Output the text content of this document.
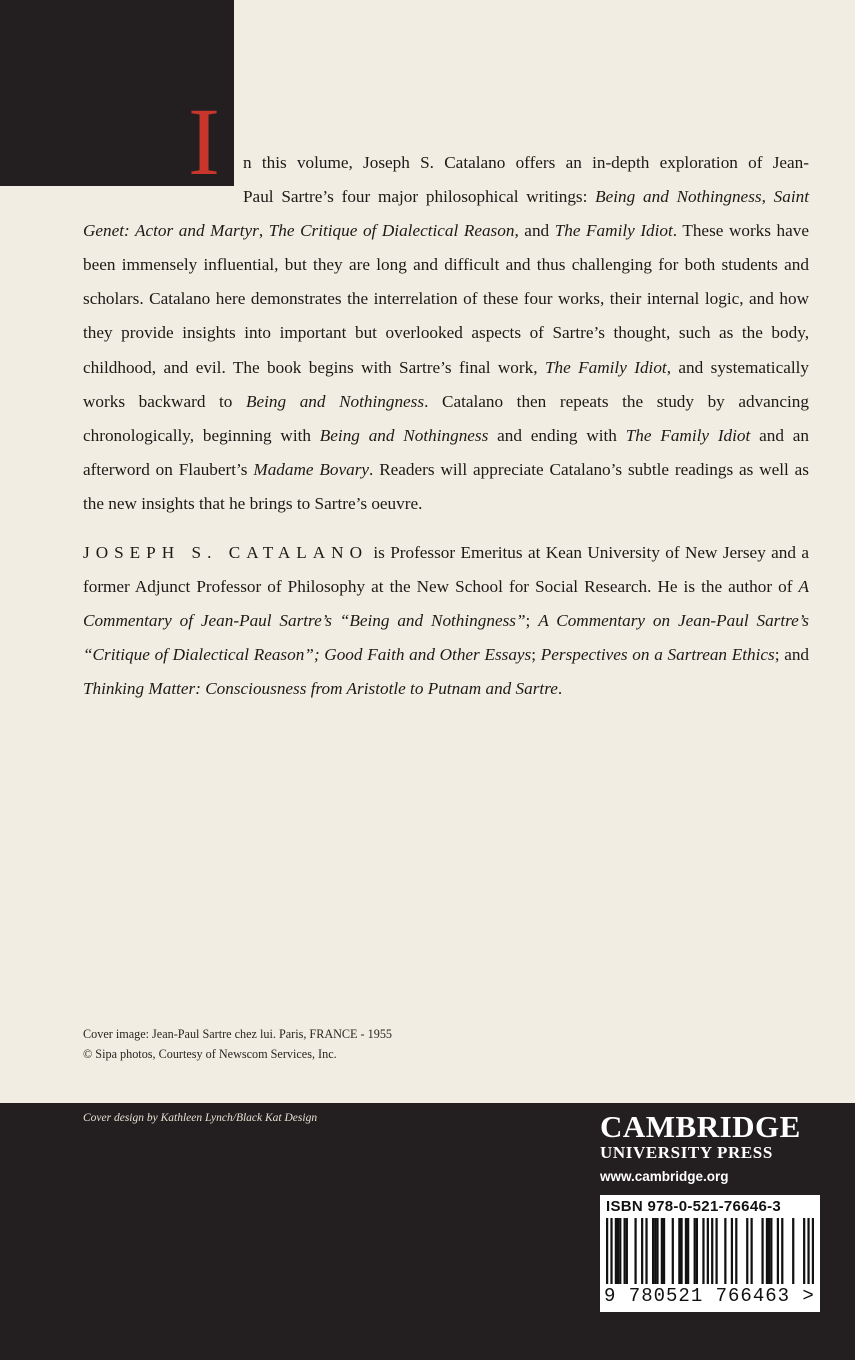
I	n this volume, Joseph S. Catalano offers an in-depth exploration of Jean-
Paul Sartre’s four major philosophical writings: Being and Nothingness, Saint
Genet: Actor and Martyr, The Critique of Dialectical Reason, and The Family Idiot. These works have been immensely influential, but they are long and difficult and thus challenging for both students and scholars. Catalano here demonstrates the interrelation of these four works, their internal logic, and how they provide insights into important but overlooked aspects of Sartre’s thought, such as the body, childhood, and evil. The book begins with Sartre’s final work, The Family Idiot, and systematically works backward to Being and Nothingness. Catalano then repeats the study by advancing chronologically, beginning with Being and Nothingness and ending with The Family Idiot and an afterword on Flaubert’s Madame Bovary. Readers will appreciate Catalano’s subtle readings as well as the new insights that he brings to Sartre’s oeuvre.

JOSEPH S. CATALANO is Professor Emeritus at Kean University of New Jersey and a former Adjunct Professor of Philosophy at the New School for Social Research. He is the author of A Commentary of Jean-Paul Sartre’s “Being and Nothingness”; A Commentary on Jean-Paul Sartre’s “Critique of Dialectical Reason”; Good Faith and Other Essays; Perspectives on a Sartrean Ethics; and Thinking Matter: Consciousness from Aristotle to Putnam and Sartre.

Cover image: Jean-Paul Sartre chez lui. Paris, FRANCE - 1955
© Sipa photos, Courtesy of Newscom Services, Inc.
Cover design by Kathleen Lynch/Black Kat Design	CAMBRIDGE
UNIVERSITY PRESS
www.cambridge.org
ISBN 978-0-521-76646-3
9 780521 766463 >
